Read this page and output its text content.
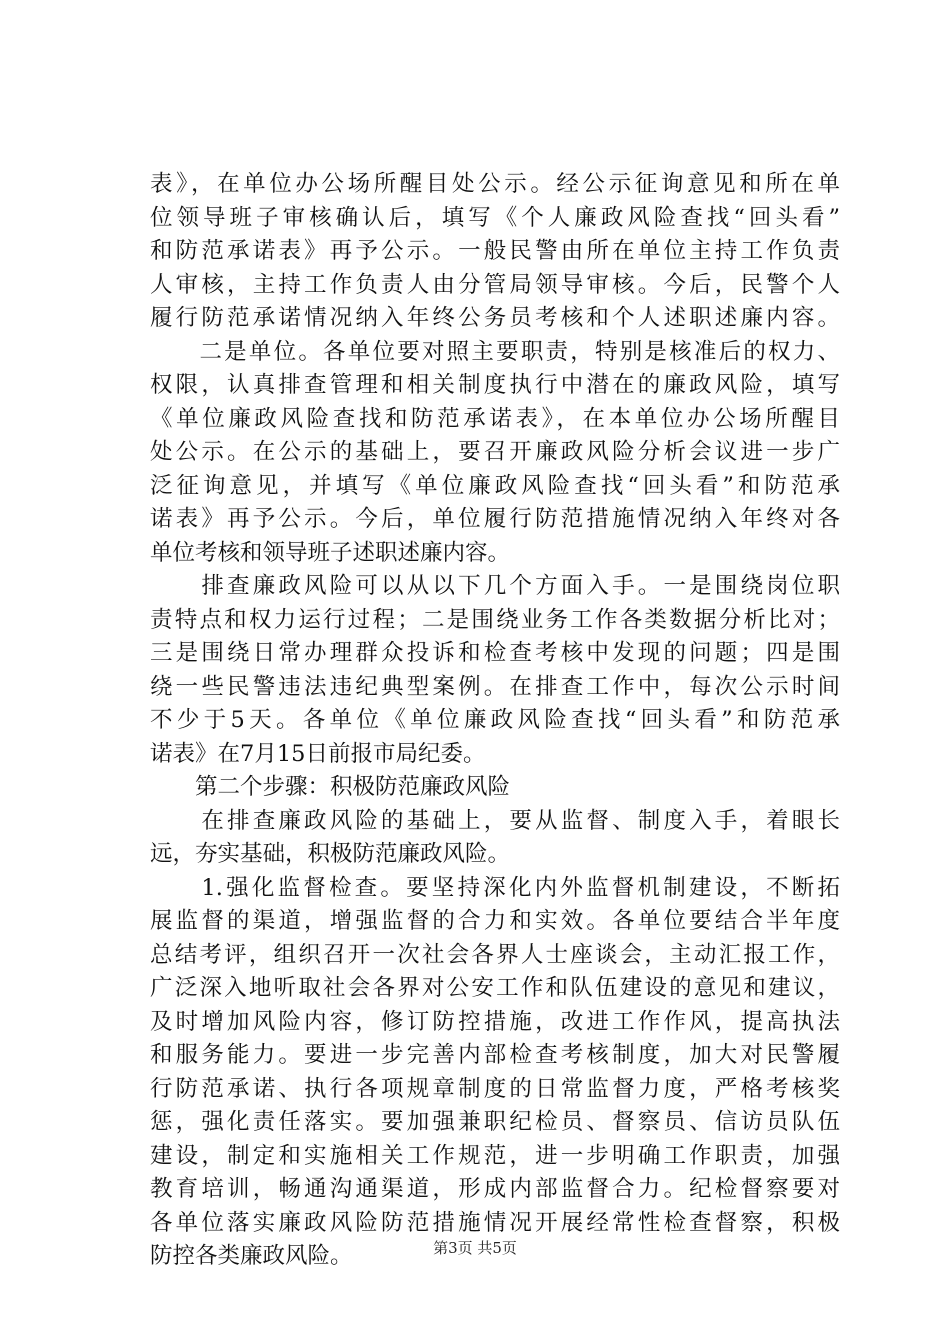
表》，在单位办公场所醒目处公示。经公示征询意见和所在单
位领导班子审核确认后，填写《个人廉政风险查找“回头看”
和防范承诺表》再予公示。一般民警由所在单位主持工作负责
人审核，主持工作负责人由分管局领导审核。今后，民警个人
履行防范承诺情况纳入年终公务员考核和个人述职述廉内容。
　　二是单位。各单位要对照主要职责，特别是核准后的权力、
权限，认真排查管理和相关制度执行中潜在的廉政风险，填写
《单位廉政风险查找和防范承诺表》，在本单位办公场所醒目
处公示。在公示的基础上，要召开廉政风险分析会议进一步广
泛征询意见，并填写《单位廉政风险查找“回头看”和防范承
诺表》再予公示。今后，单位履行防范措施情况纳入年终对各
单位考核和领导班子述职述廉内容。
　　排查廉政风险可以从以下几个方面入手。一是围绕岗位职
责特点和权力运行过程；二是围绕业务工作各类数据分析比对；
三是围绕日常办理群众投诉和检查考核中发现的问题；四是围
绕一些民警违法违纪典型案例。在排查工作中，每次公示时间
不少于5天。各单位《单位廉政风险查找“回头看”和防范承
诺表》在7月15日前报市局纪委。
　　第二个步骤：积极防范廉政风险
　　在排查廉政风险的基础上，要从监督、制度入手，着眼长
远，夯实基础，积极防范廉政风险。
　　1.强化监督检查。要坚持深化内外监督机制建设，不断拓
展监督的渠道，增强监督的合力和实效。各单位要结合半年度
总结考评，组织召开一次社会各界人士座谈会，主动汇报工作，
广泛深入地听取社会各界对公安工作和队伍建设的意见和建议，
及时增加风险内容，修订防控措施，改进工作作风，提高执法
和服务能力。要进一步完善内部检查考核制度，加大对民警履
行防范承诺、执行各项规章制度的日常监督力度，严格考核奖
惩，强化责任落实。要加强兼职纪检员、督察员、信访员队伍
建设，制定和实施相关工作规范，进一步明确工作职责，加强
教育培训，畅通沟通渠道，形成内部监督合力。纪检督察要对
各单位落实廉政风险防范措施情况开展经常性检查督察，积极
防控各类廉政风险。	第3页 共5页
